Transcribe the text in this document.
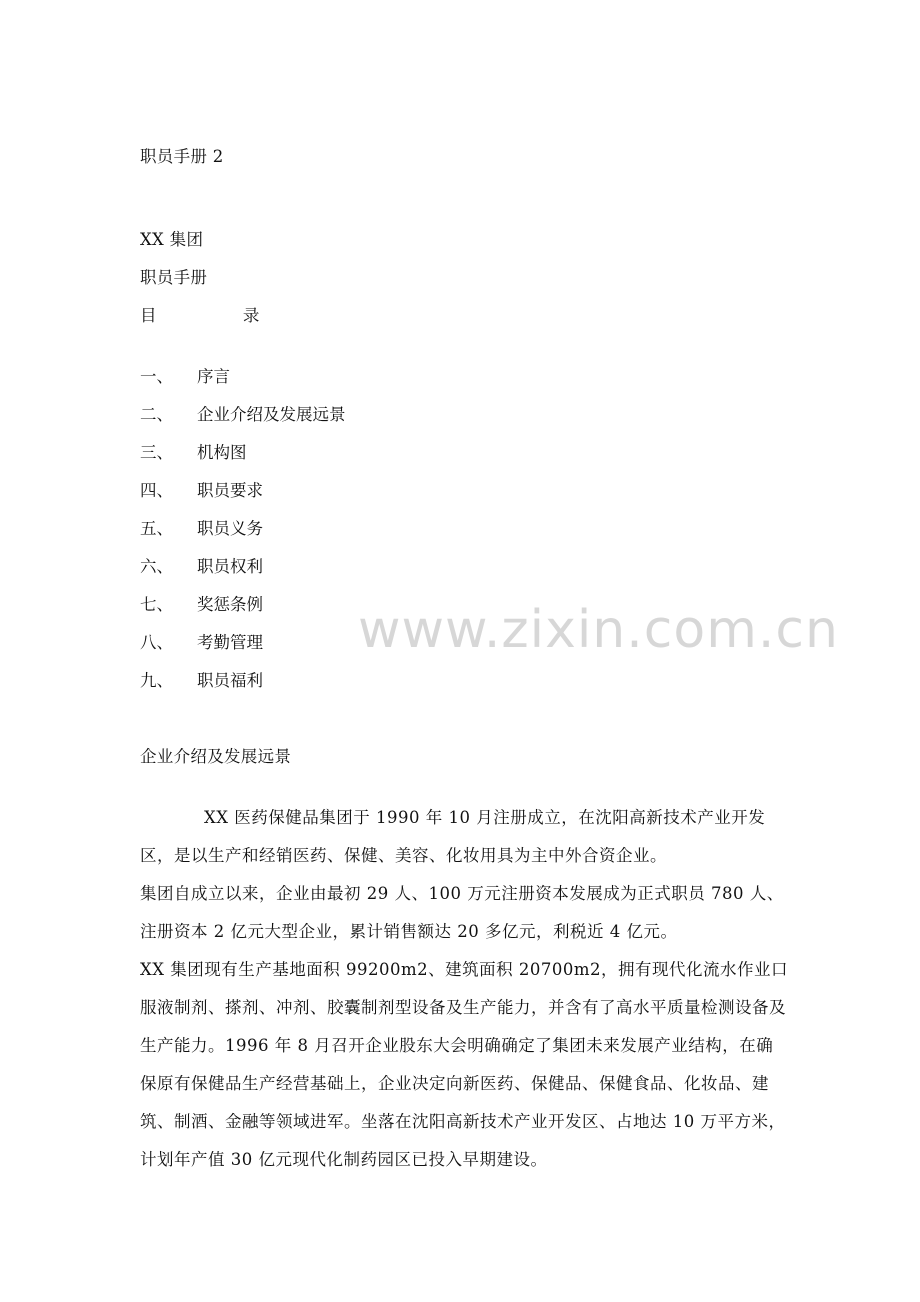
职员手册 2
XX 集团
职员手册
目	录
一、 序言
二、 企业介绍及发展远景
三、 机构图
四、 职员要求
五、 职员义务
六、 职员权利
七、 奖惩条例
八、 考勤管理
九、 职员福利
企业介绍及发展远景
XX 医药保健品集团于 1990 年 10 月注册成立，在沈阳高新技术产业开发区，是以生产和经销医药、保健、美容、化妆用具为主中外合资企业。
集团自成立以来，企业由最初 29 人、100 万元注册资本发展成为正式职员 780 人、注册资本 2 亿元大型企业，累计销售额达 20 多亿元，利税近 4 亿元。
XX 集团现有生产基地面积 99200m2、建筑面积 20700m2，拥有现代化流水作业口服液制剂、搽剂、冲剂、胶囊制剂型设备及生产能力，并含有了高水平质量检测设备及生产能力。1996 年 8 月召开企业股东大会明确确定了集团未来发展产业结构，在确保原有保健品生产经营基础上，企业决定向新医药、保健品、保健食品、化妆品、建筑、制酒、金融等领域进军。坐落在沈阳高新技术产业开发区、占地达 10 万平方米，计划年产值 30 亿元现代化制药园区已投入早期建设。
www.zixin.com.cn
